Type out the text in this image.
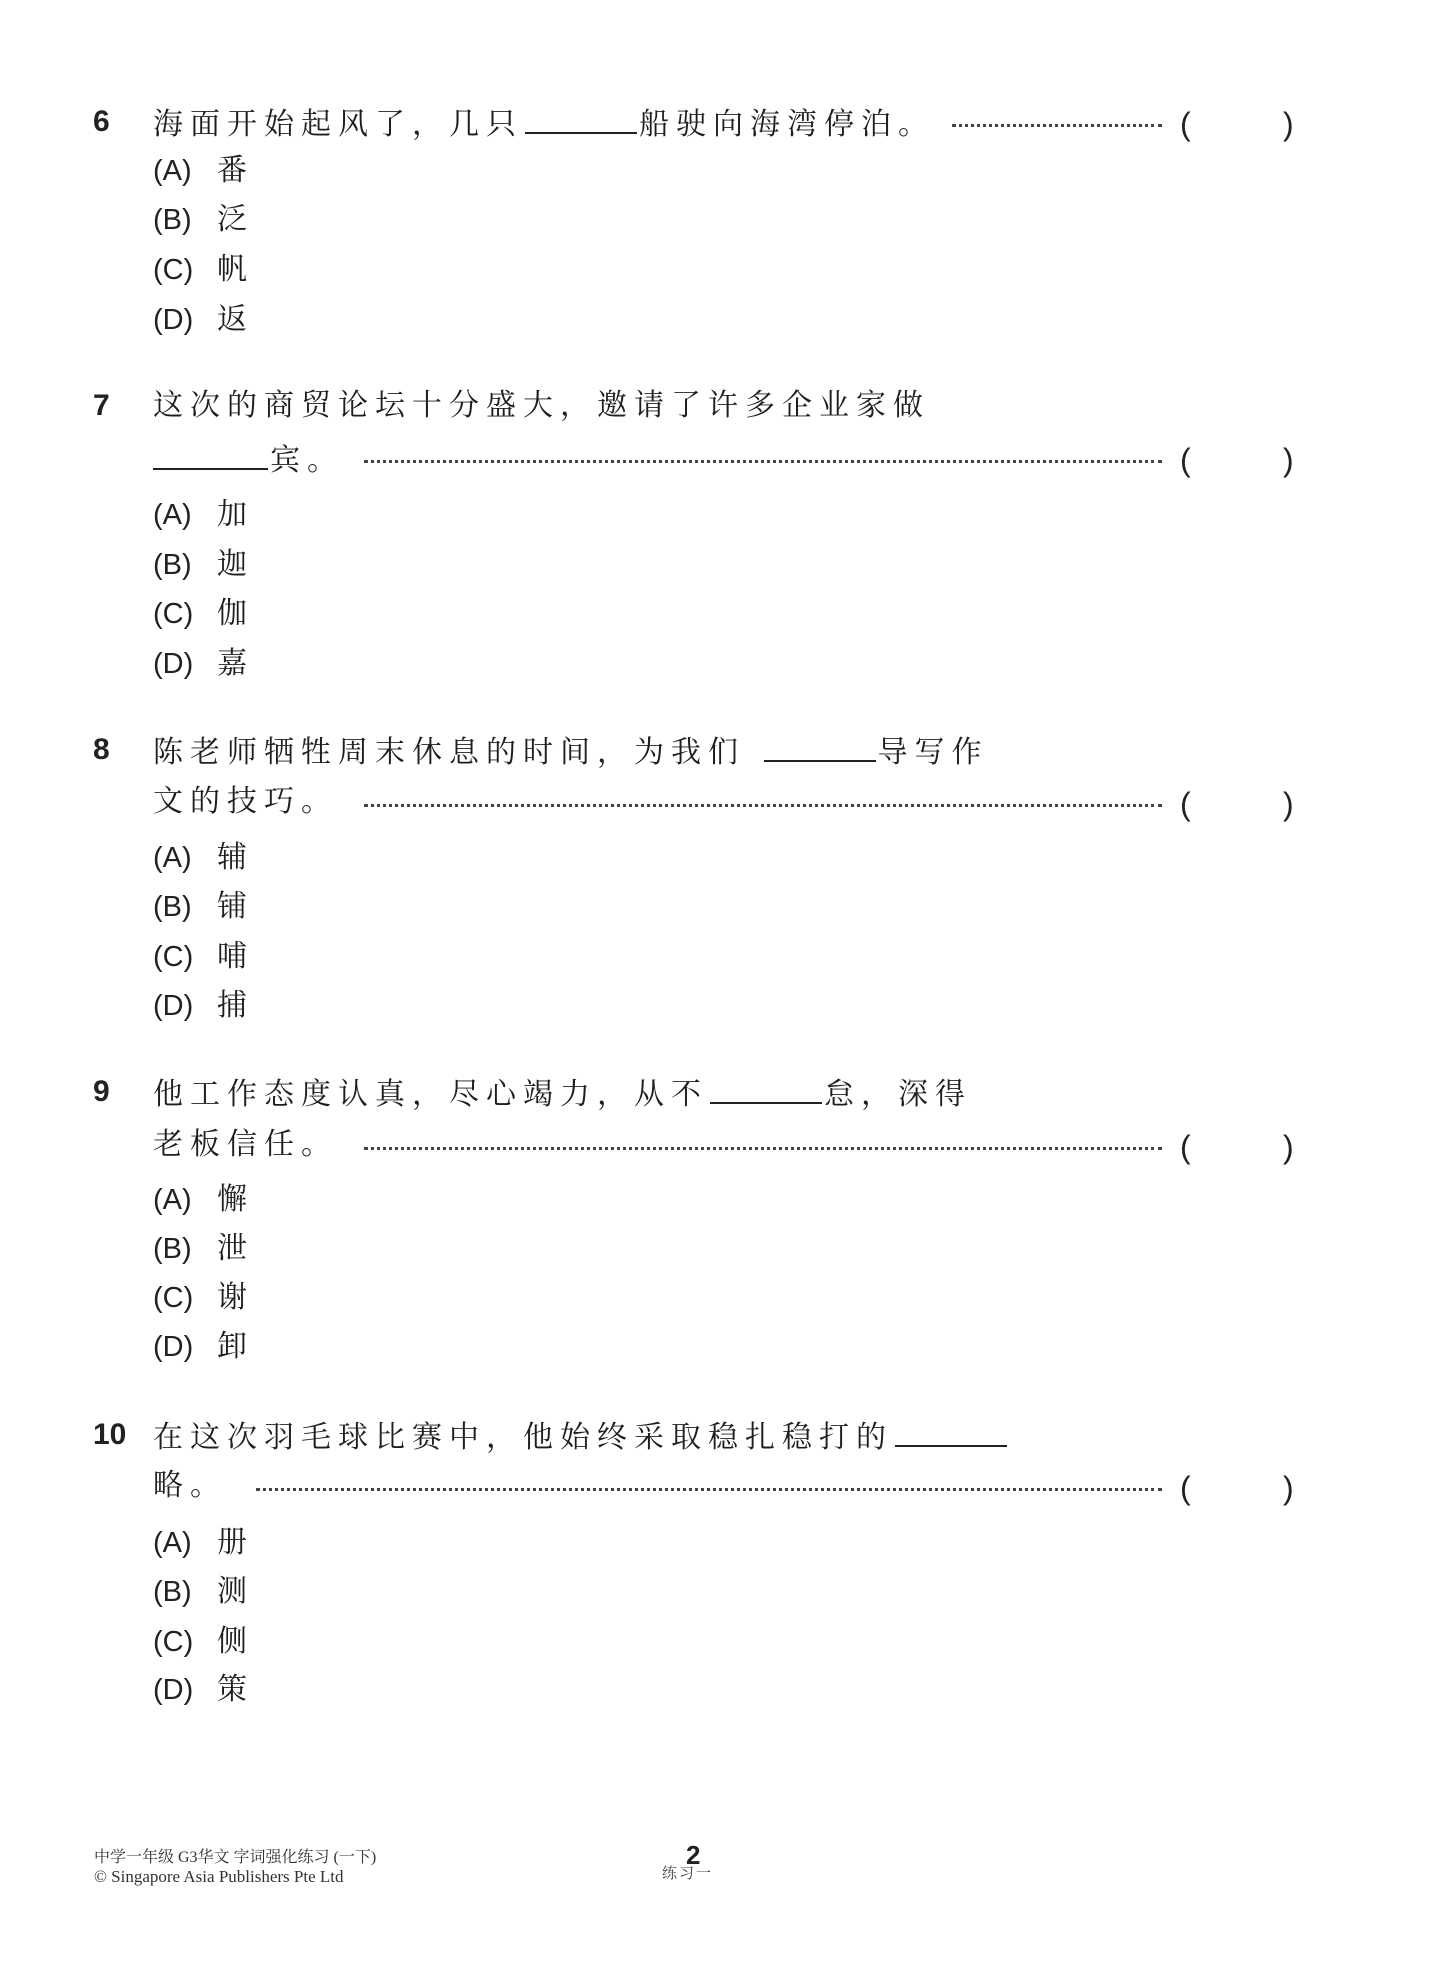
6 海面开始起风了，几只	船驶向海湾停泊。	(	)
(A) 番
(B) 泛
(C) 帆
(D) 返
7 这次的商贸论坛十分盛大，邀请了许多企业家做
宾。	(	)
(A) 加
(B) 迦
(C) 伽
(D) 嘉
8 陈老师牺牲周末休息的时间，为我们	导写作
文的技巧。	(	)
(A) 辅
(B) 铺
(C) 哺
(D) 捕
9 他工作态度认真，尽心竭力，从不	怠，深得
老板信任。	(	)
(A) 懈
(B) 泄
(C) 谢
(D) 卸
10 在这次羽毛球比赛中，他始终采取稳扎稳打的
略。	(	)
(A) 册
(B) 测
(C) 侧
(D) 策
中学一年级 G3华文 字词强化练习 (一下)
© Singapore Asia Publishers Pte Ltd
2
练习一
